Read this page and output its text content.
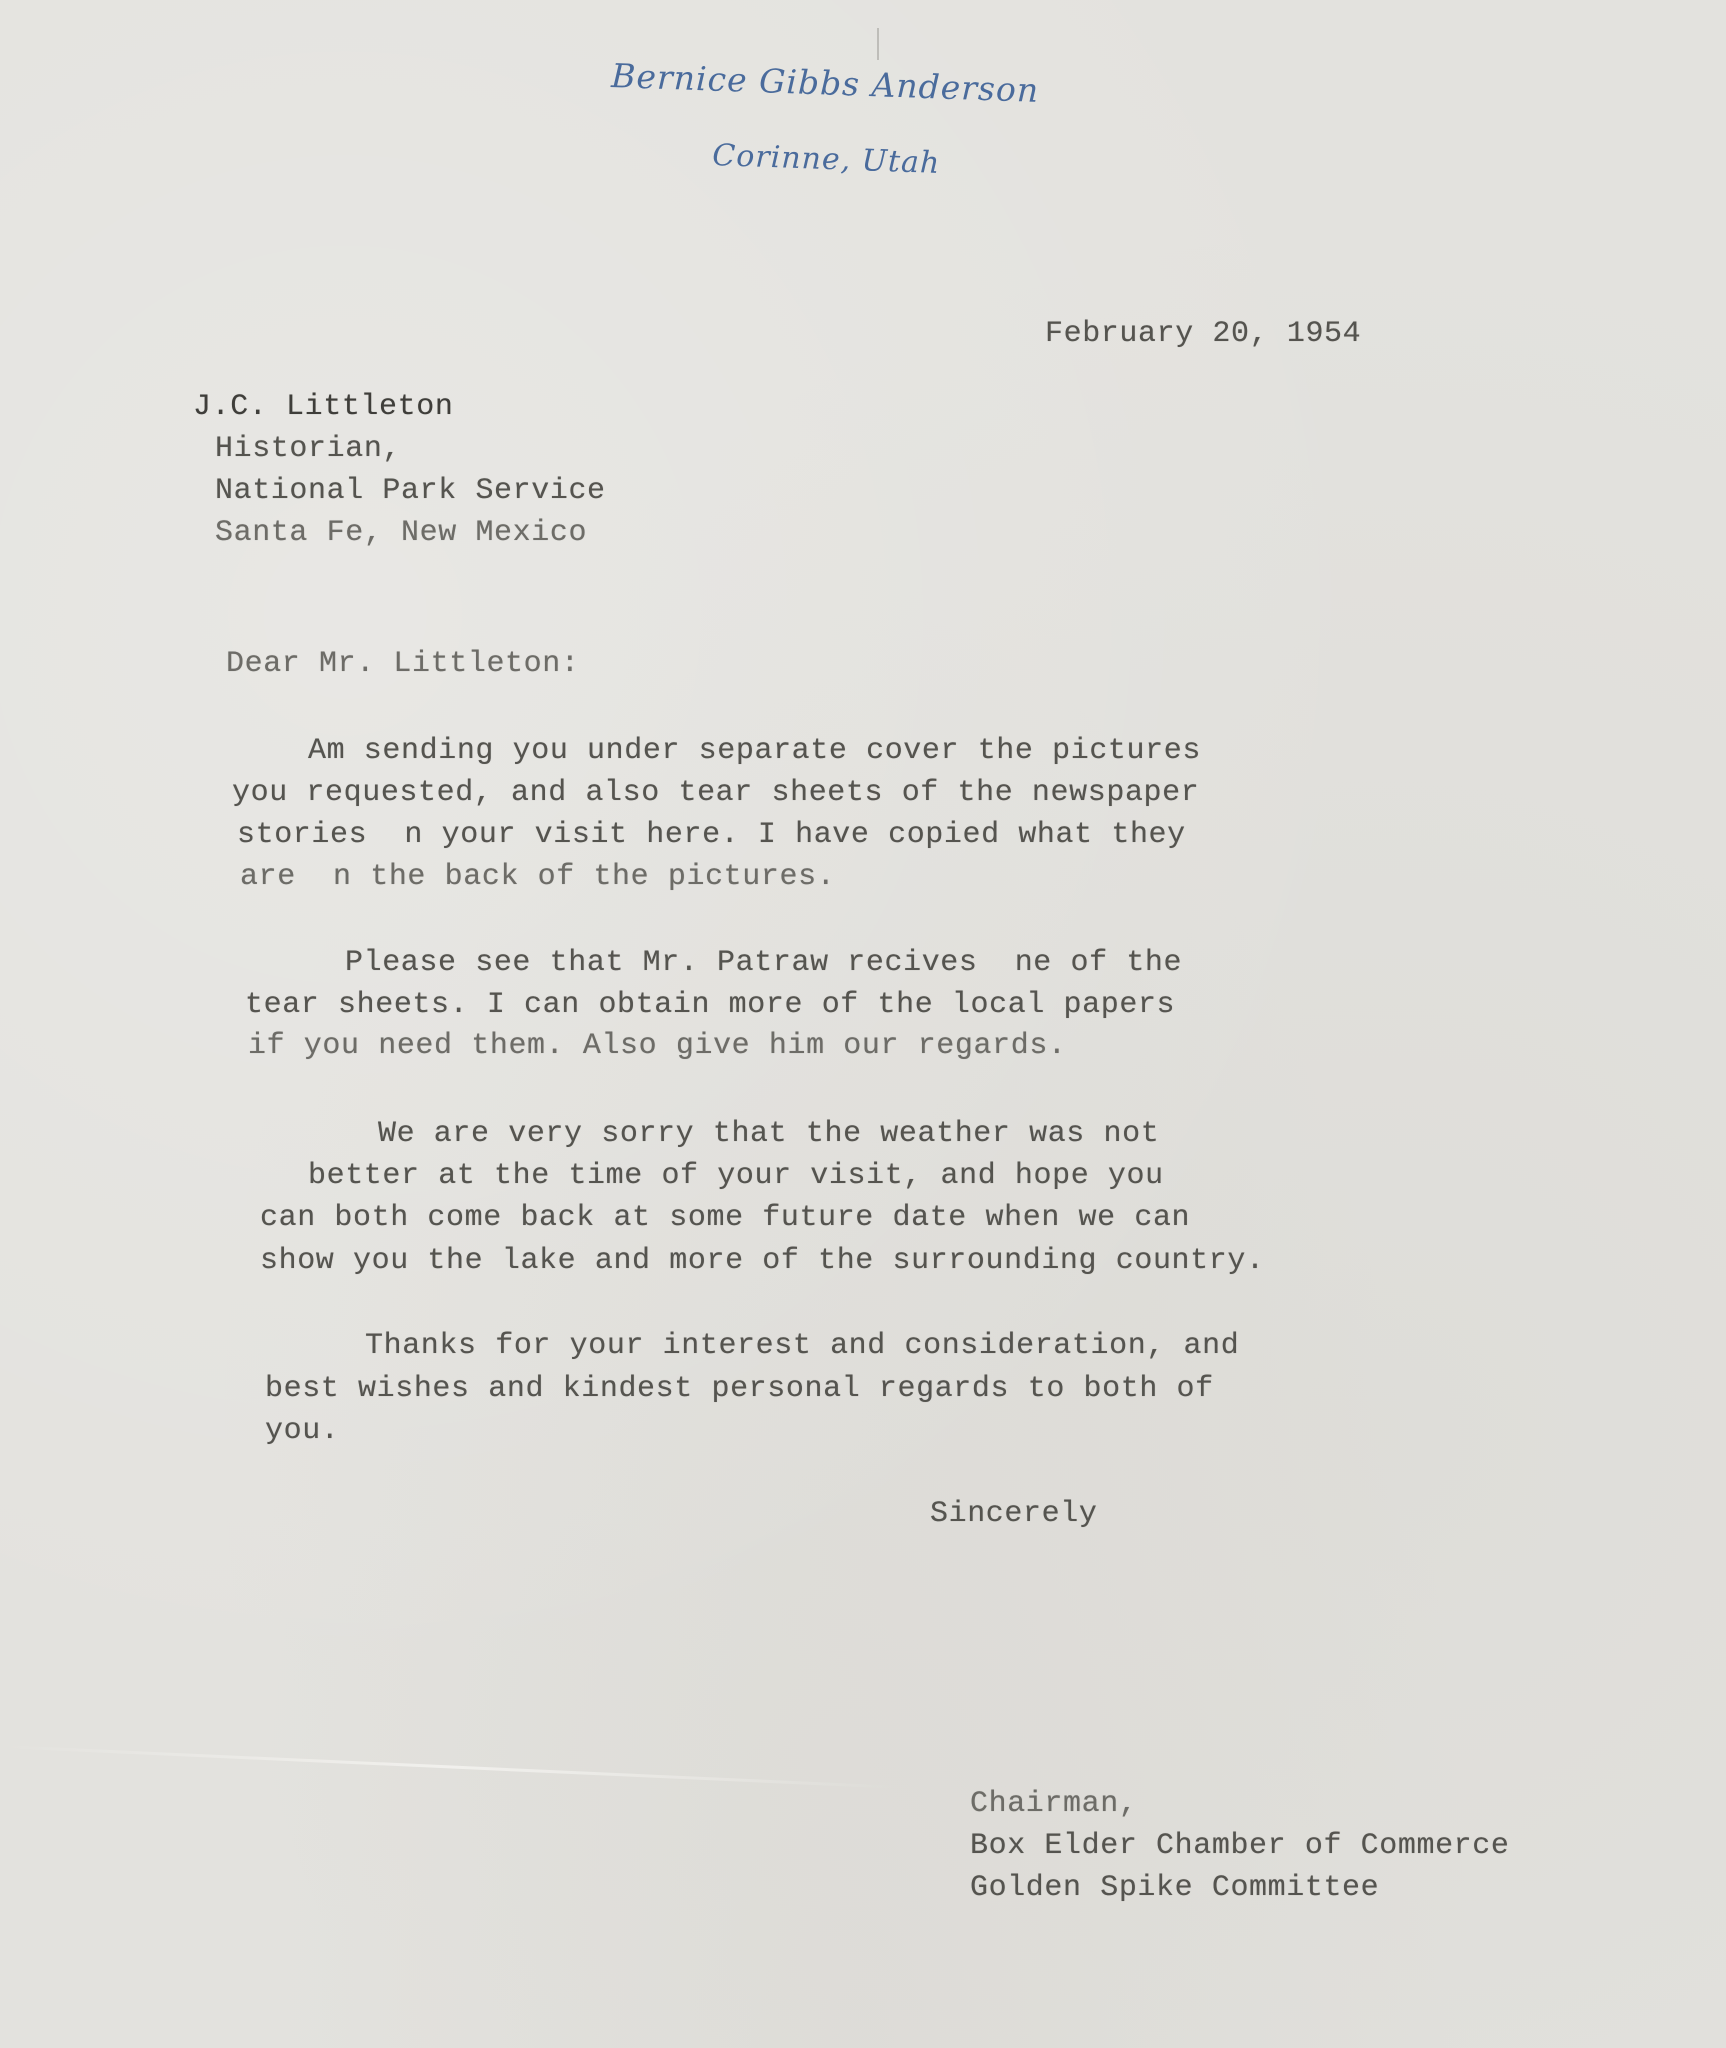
Bernice Gibbs Anderson
Corinne, Utah
February 20, 1954
J.C. Littleton
Historian,
National Park Service
Santa Fe, New Mexico
Dear Mr. Littleton:
Am sending you under separate cover the pictures
you requested, and also tear sheets of the newspaper
stories  n your visit here. I have copied what they
are  n the back of the pictures.
Please see that Mr. Patraw recives  ne of the
tear sheets. I can obtain more of the local papers
if you need them. Also give him our regards.
We are very sorry that the weather was not
better at the time of your visit, and hope you
can both come back at some future date when we can
show you the lake and more of the surrounding country.
Thanks for your interest and consideration, and
best wishes and kindest personal regards to both of
you.
Sincerely
Chairman,
Box Elder Chamber of Commerce
Golden Spike Committee
